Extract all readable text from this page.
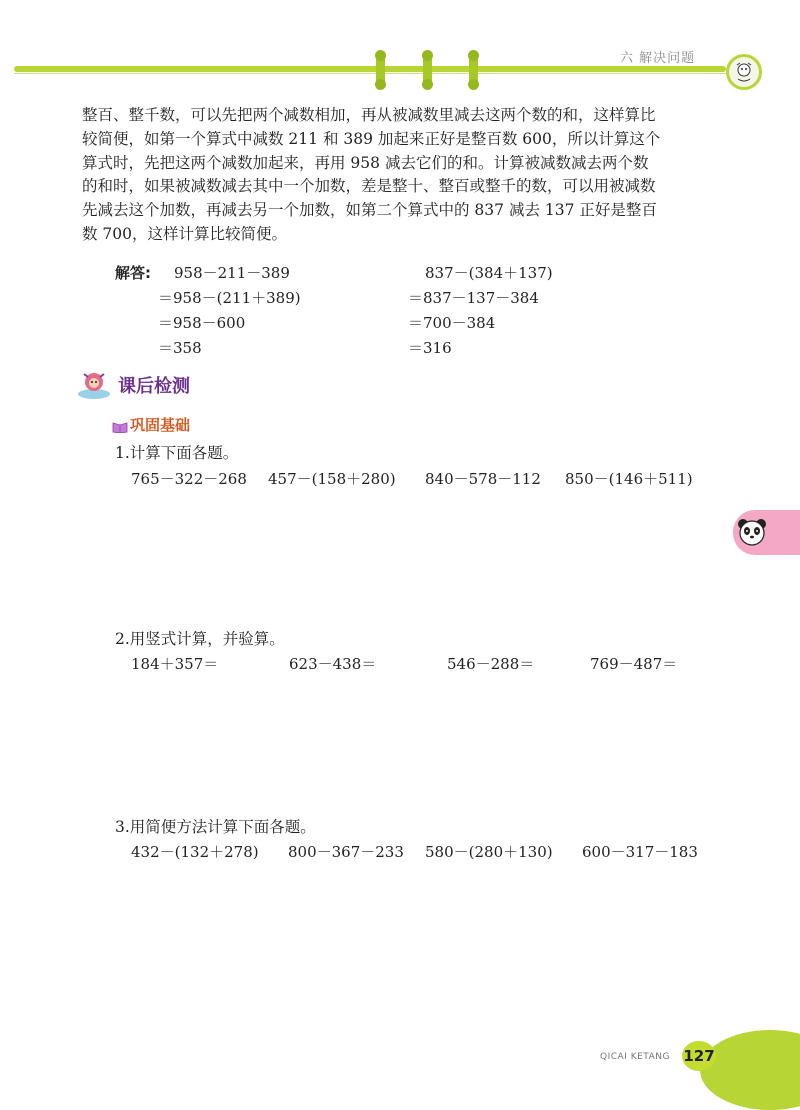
六 解决问题

整百、整千数，可以先把两个减数相加，再从被减数里减去这两个数的和，这样算比

较简便，如第一个算式中减数 211 和 389 加起来正好是整百数 600，所以计算这个

算式时，先把这两个减数加起来，再用 958 减去它们的和。计算被减数减去两个数

的和时，如果被减数减去其中一个加数，差是整十、整百或整千的数，可以用被减数

先减去这个加数，再减去另一个加数，如第二个算式中的 837 减去 137 正好是整百

数 700，这样计算比较简便。

解答: 958－211－389
＝958－(211＋389)
＝958－600
＝358
837－(384＋137)
＝837－137－384
＝700－384
＝316
课后检测
巩固基础
1.计算下面各题。
765－322－268 457－(158＋280) 840－578－112 850－(146＋511)
2.用竖式计算，并验算。
184＋357＝	623－438＝	546－288＝	769－487＝
3.用简便方法计算下面各题。
432－(132＋278) 800－367－233 580－(280＋130) 600－317－183
QICAI KETANG 127
